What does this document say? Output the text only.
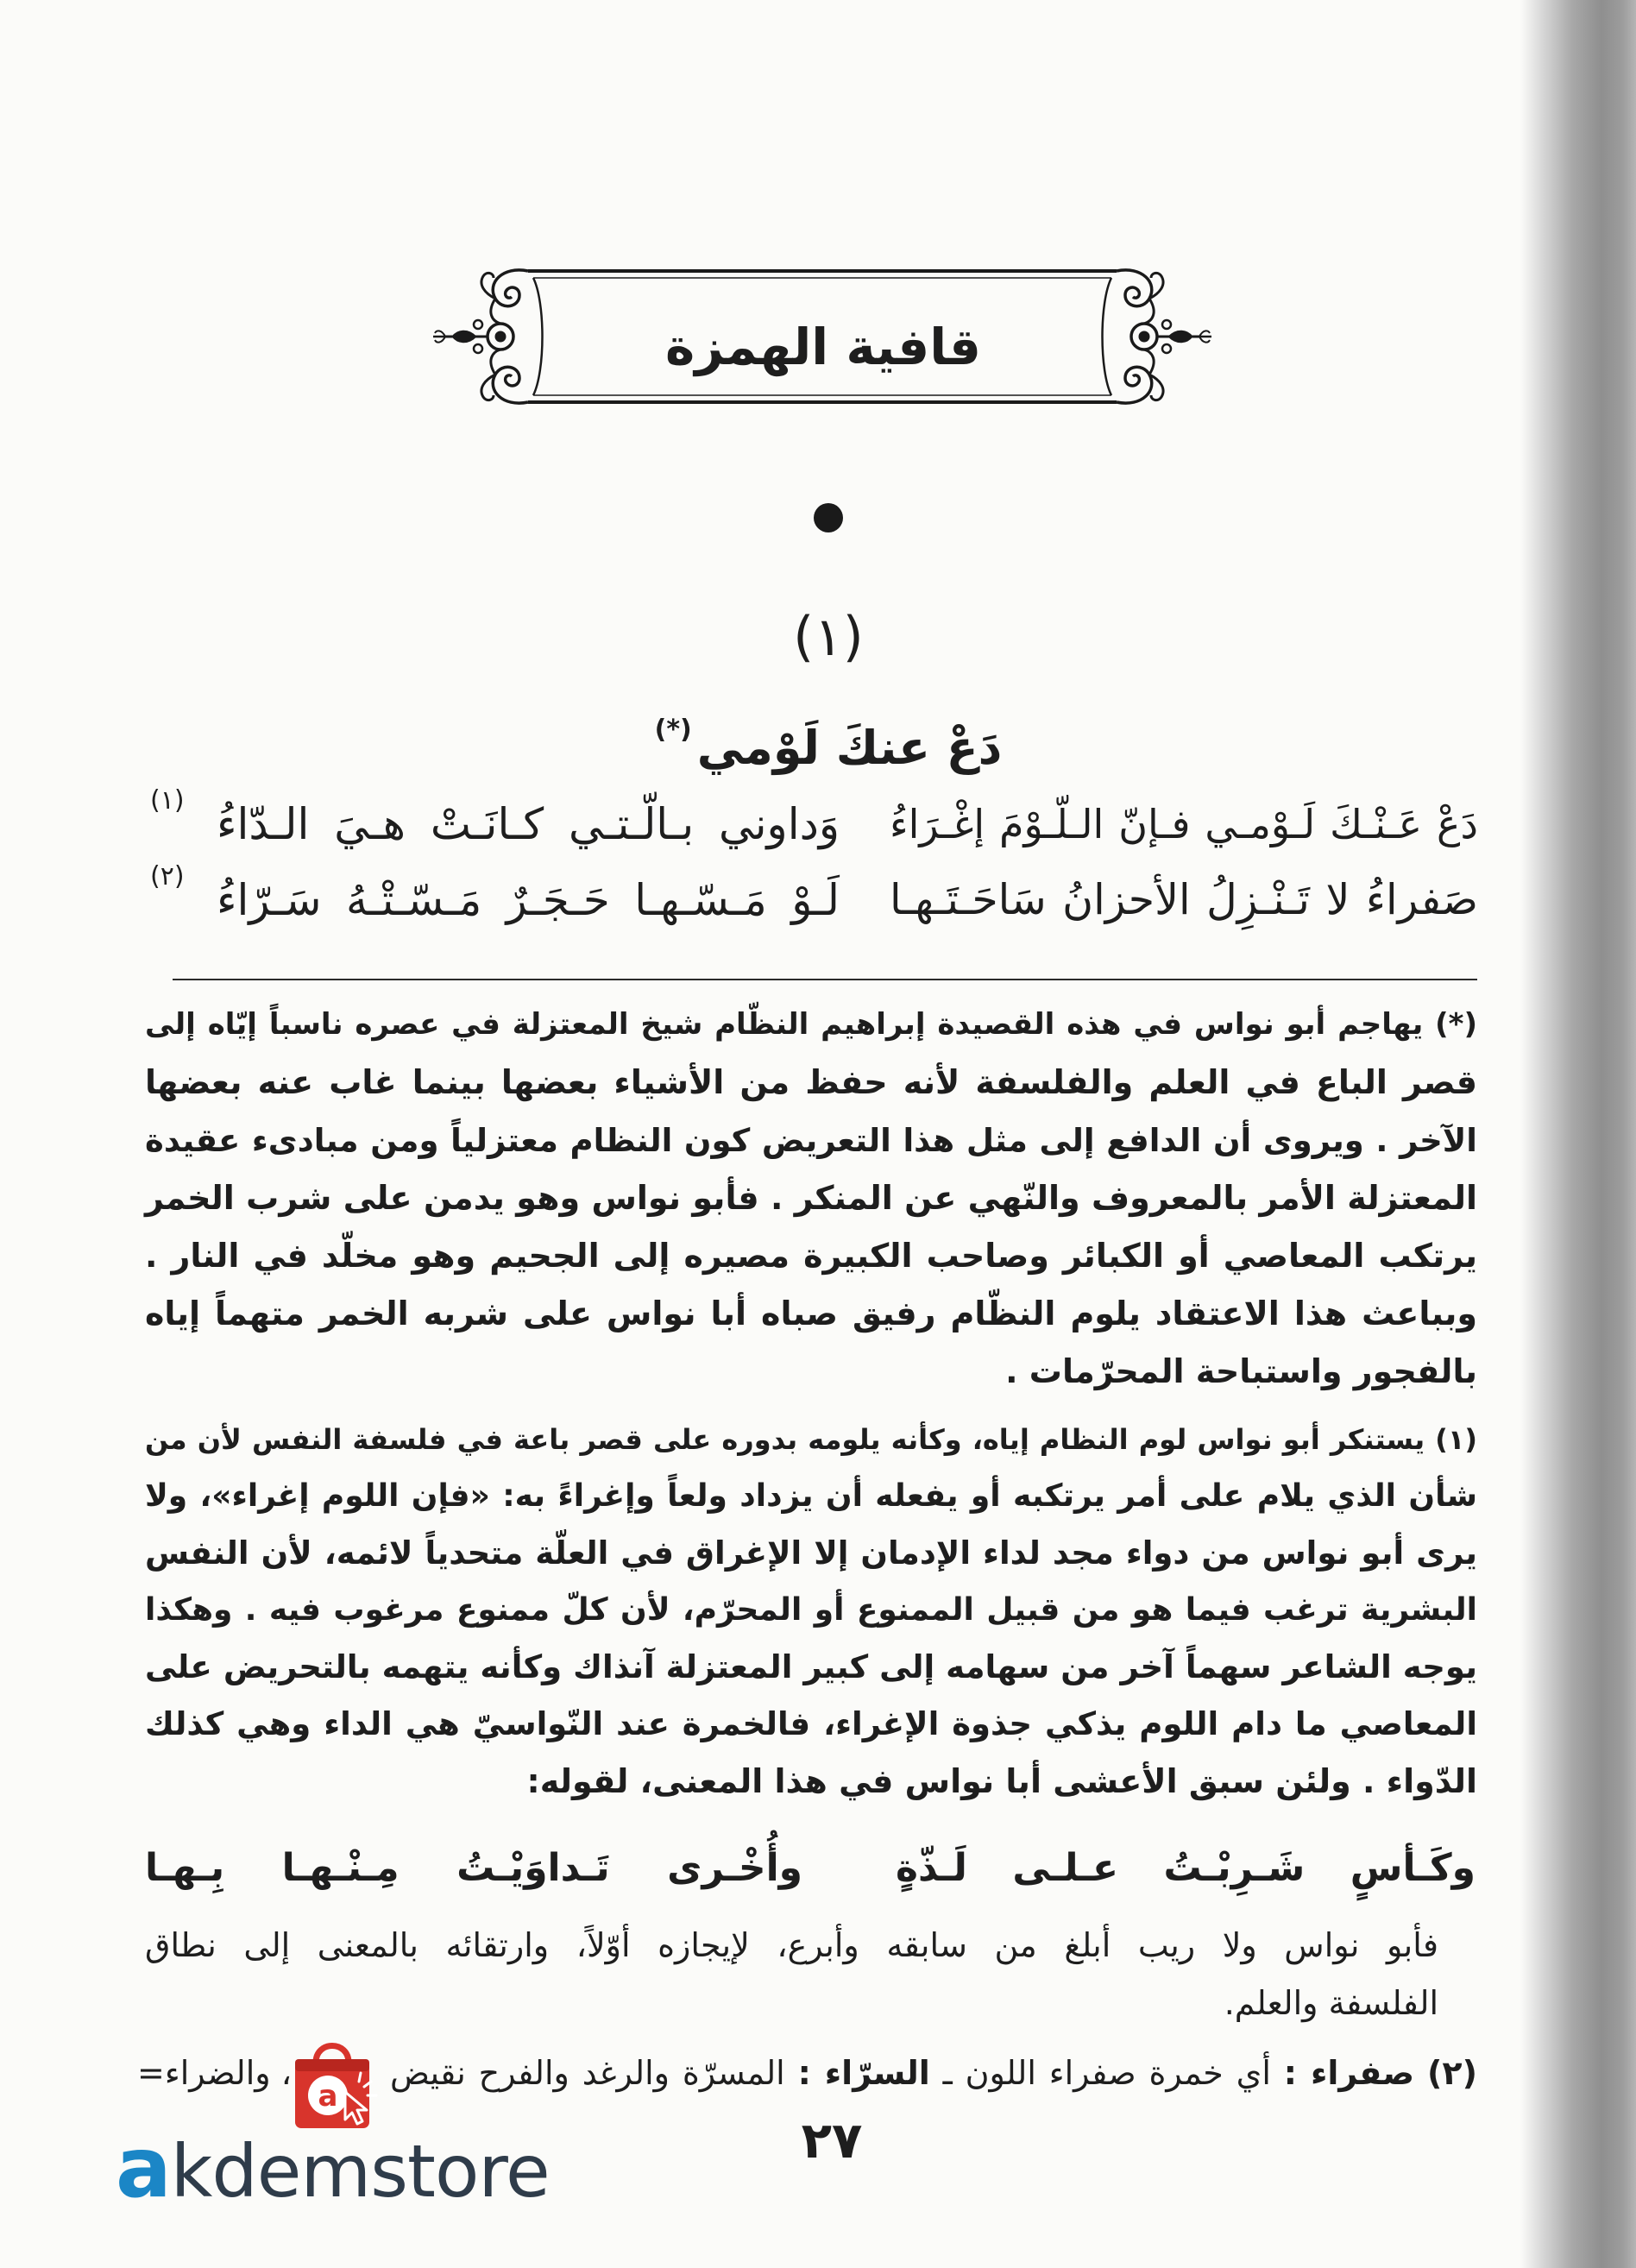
قافية الهمزة
(١)
دَعْ عنكَ لَوْمي(*)
دَعْ عَـنْـكَ لَـوْمـي فـإنّ الـلّـوْمَ إغْـرَاءُ
وَداوني بـالّـتـي كـانَـتْ هـيَ الـدّاءُ
(١)
صَفراءُ لا تَـنْـزِلُ الأحزانُ سَاحَـتَـهـا
لَـوْ مَـسّـهـا حَـجَـرٌ مَـسّـتْـهُ سَـرّاءُ
(٢)
(*) يهاجم أبو نواس في هذه القصيدة إبراهيم النظّام شيخ المعتزلة في عصره ناسباً إيّاه إلى
قصر الباع في العلم والفلسفة لأنه حفظ من الأشياء بعضها بينما غاب عنه بعضها
الآخر . ويروى أن الدافع إلى مثل هذا التعريض كون النظام معتزلياً ومن مبادىء عقيدة
المعتزلة الأمر بالمعروف والنّهي عن المنكر . فأبو نواس وهو يدمن على شرب الخمر
يرتكب المعاصي أو الكبائر وصاحب الكبيرة مصيره إلى الجحيم وهو مخلّد في النار .
وبباعث هذا الاعتقاد يلوم النظّام رفيق صباه أبا نواس على شربه الخمر متهماً إياه
بالفجور واستباحة المحرّمات .
(١) يستنكر أبو نواس لوم النظام إياه، وكأنه يلومه بدوره على قصر باعة في فلسفة النفس لأن من
شأن الذي يلام على أمر يرتكبه أو يفعله أن يزداد ولعاً وإغراءً به: «فإن اللوم إغراء»، ولا
يرى أبو نواس من دواء مجد لداء الإدمان إلا الإغراق في العلّة متحدياً لائمه، لأن النفس
البشرية ترغب فيما هو من قبيل الممنوع أو المحرّم، لأن كلّ ممنوع مرغوب فيه . وهكذا
يوجه الشاعر سهماً آخر من سهامه إلى كبير المعتزلة آنذاك وكأنه يتهمه بالتحريض على
المعاصي ما دام اللوم يذكي جذوة الإغراء، فالخمرة عند النّواسيّ هي الداء وهي كذلك
الدّواء . ولئن سبق الأعشى أبا نواس في هذا المعنى، لقوله:
وكَـأسٍ شَـرِبْـتُ عـلـى لَـذّةٍ
وأُخْـرى تَـداوَيْـتُ مِـنْـهـا بِـهـا
فأبو نواس ولا ريب أبلغ من سابقه وأبرع، لإيجازه أوّلاً، وارتقائه بالمعنى إلى نطاق
الفلسفة والعلم.
(٢) صفراء : أي خمرة صفراء اللون ـ السرّاء : المسرّة والرغد والفرح نقيض
، والضراء=
٢٧
a
akdemstore
